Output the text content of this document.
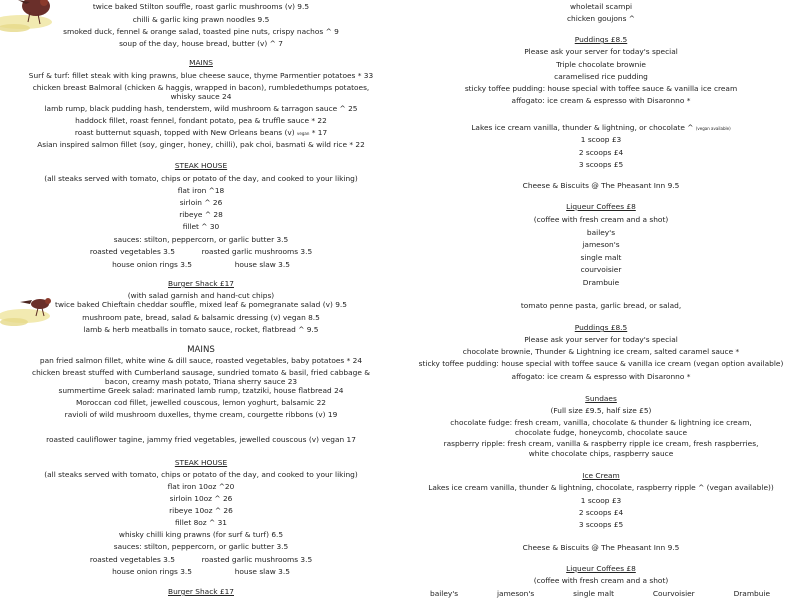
twice baked Stilton souffle, roast garlic mushrooms (v) 9.5
chilli & garlic king prawn noodles 9.5
smoked duck, fennel & orange salad, toasted pine nuts, crispy nachos ^ 9
soup of the day, house bread, butter (v) ^ 7
MAINS
Surf & turf: fillet steak with king prawns, blue cheese sauce, thyme Parmentier potatoes * 33
chicken breast Balmoral (chicken & haggis, wrapped in bacon), rumbledethumps potatoes,
whisky sauce 24
lamb rump, black pudding hash, tenderstem, wild mushroom & tarragon sauce ^ 25
haddock fillet, roast fennel, fondant potato, pea & truffle sauce * 22
roast butternut squash, topped with New Orleans beans (v) vegan * 17
Asian inspired salmon fillet (soy, ginger, honey, chilli), pak choi, basmati & wild rice * 22
STEAK HOUSE
(all steaks served with tomato, chips or potato of the day, and cooked to your liking)
flat iron ^18
sirloin ^ 26
ribeye ^ 28
fillet ^ 30
sauces: stilton, peppercorn, or garlic butter 3.5
roasted vegetables 3.5	roasted garlic mushrooms 3.5
house onion rings 3.5	house slaw 3.5
Burger Shack £17
(with salad garnish and hand-cut chips)
twice baked Chieftain cheddar souffle, mixed leaf & pomegranate salad (v) 9.5
mushroom pate, bread, salad & balsamic dressing (v) vegan 8.5
lamb & herb meatballs in tomato sauce, rocket, flatbread ^ 9.5
MAINS
pan fried salmon fillet, white wine & dill sauce, roasted vegetables, baby potatoes * 24
chicken breast stuffed with Cumberland sausage, sundried tomato & basil, fried cabbage &
bacon, creamy mash potato, Triana sherry sauce 23
summertime Greek salad: marinated lamb rump, tzatziki, house flatbread 24
Moroccan cod fillet, jewelled couscous, lemon yoghurt, balsamic 22
ravioli of wild mushroom duxelles, thyme cream, courgette ribbons (v) 19
roasted cauliflower tagine, jammy fried vegetables, jewelled couscous (v) vegan 17
STEAK HOUSE
(all steaks served with tomato, chips or potato of the day, and cooked to your liking)
flat iron 10oz ^20
sirloin 10oz ^ 26
ribeye 10oz ^ 26
fillet 8oz ^ 31
whisky chilli king prawns (for surf & turf) 6.5
sauces: stilton, peppercorn, or garlic butter 3.5
roasted vegetables 3.5	roasted garlic mushrooms 3.5
house onion rings 3.5	house slaw 3.5
Burger Shack £17
wholetail scampi
chicken goujons ^
Puddings £8.5
Please ask your server for today's special
Triple chocolate brownie
caramelised rice pudding
sticky toffee pudding: house special with toffee sauce & vanilla ice cream
affogato: ice cream & espresso with Disaronno *
Lakes ice cream vanilla, thunder & lightning, or chocolate ^ (vegan available)
1 scoop £3
2 scoops £4
3 scoops £5
Cheese & Biscuits @ The Pheasant Inn 9.5
Liqueur Coffees £8
(coffee with fresh cream and a shot)
bailey's
jameson's
single malt
courvoisier
Drambuie
tomato penne pasta, garlic bread, or salad,
Puddings £8.5
Please ask your server for today's special
chocolate brownie, Thunder & Lightning ice cream, salted caramel sauce *
sticky toffee pudding: house special with toffee sauce & vanilla ice cream (vegan option available)
affogato: ice cream & espresso with Disaronno *
Sundaes
(Full size £9.5, half size £5)
chocolate fudge: fresh cream, vanilla, chocolate & thunder & lightning ice cream,
chocolate fudge, honeycomb, chocolate sauce
raspberry ripple: fresh cream, vanilla & raspberry ripple ice cream, fresh raspberries,
white chocolate chips, raspberry sauce
Ice Cream
Lakes ice cream vanilla, thunder & lightning, chocolate, raspberry ripple ^ (vegan available))
1 scoop £3
2 scoops £4
3 scoops £5
Cheese & Biscuits @ The Pheasant Inn 9.5
Liqueur Coffees £8
(coffee with fresh cream and a shot)
bailey's	jameson's	single malt	Courvoisier	Drambuie
